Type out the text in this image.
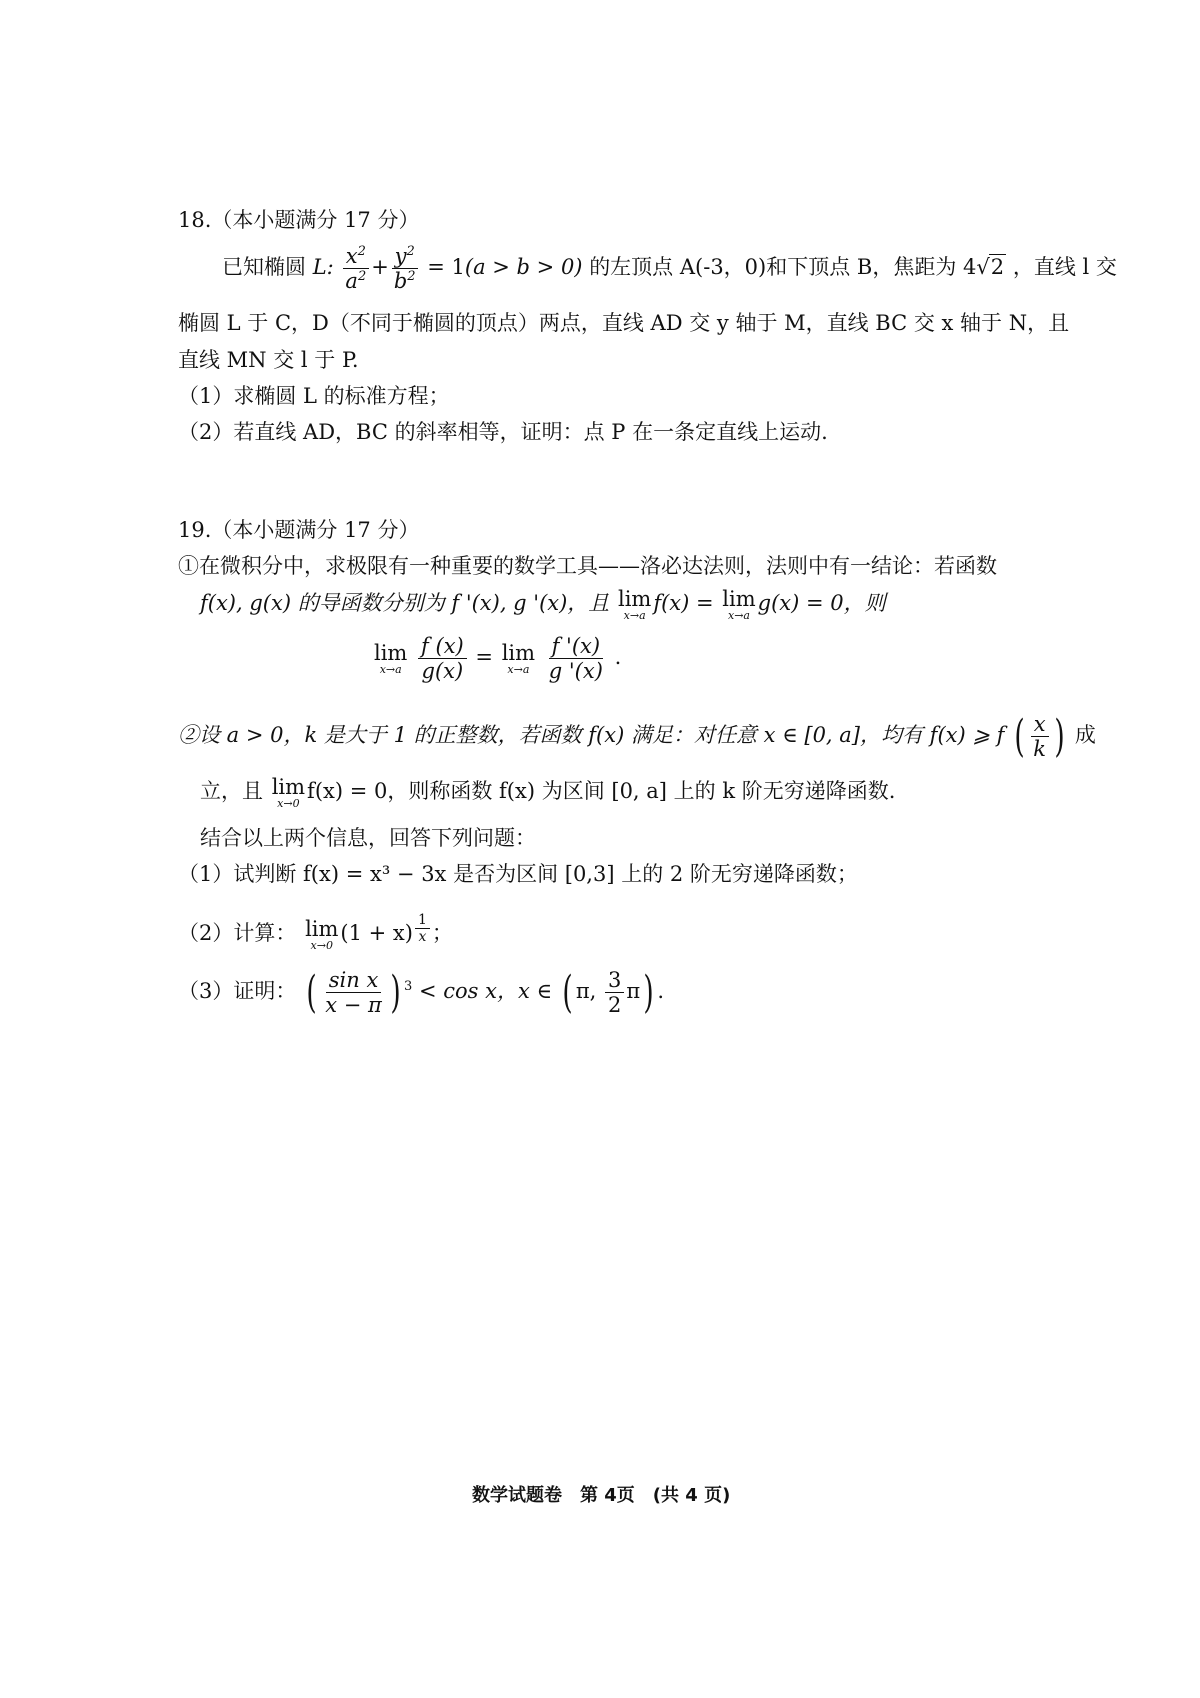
18.（本小题满分 17 分）
已知椭圆 L: $\frac{x^2}{a^2} + \frac{y^2}{b^2} = 1(a > b > 0)$ 的左顶点 A(-3，0)和下顶点 B，焦距为 4√2 ，直线 l 交
椭圆 L 于 C，D（不同于椭圆的顶点）两点，直线 AD 交 y 轴于 M，直线 BC 交 x 轴于 N，且
直线 MN 交 l 于 P.
（1）求椭圆 L 的标准方程；
（2）若直线 AD，BC 的斜率相等，证明：点 P 在一条定直线上运动.
19.（本小题满分 17 分）
①在微积分中，求极限有一种重要的数学工具——洛必达法则，法则中有一结论：若函数
f(x), g(x) 的导函数分别为 f '(x), g '(x)，且 lim
x→a
f(x) = lim
x→a
g(x) = 0，则
lim
x→a
$\frac{f (x)}{g(x)} = \lim$
x→a
$\frac{f '(x)}{g '(x)}$ .
②设 a > 0，k 是大于 1 的正整数，若函数 f(x) 满足：对任意 x ∈ [0, a]，均有 f(x) ⩾ f ( $\frac{x}{k}$ ) 成
立，且 lim
x→0
f(x) = 0，则称函数 f(x) 为区间 [0, a] 上的 k 阶无穷递降函数.
结合以上两个信息，回答下列问题：
（1）试判断 f(x) = x³ − 3x 是否为区间 [0,3] 上的 2 阶无穷递降函数；
（2）计算： lim
x→0
(1 + x) $^{\frac{1}{x}}$ ；
（3）证明： ( $\frac{\text{sin x}}{x - \pi}$ ) $^3$ < cos x，x ∈ ( π, $\frac{3}{2} \pi$) .
数学试题卷　第 4页　(共 4 页)
